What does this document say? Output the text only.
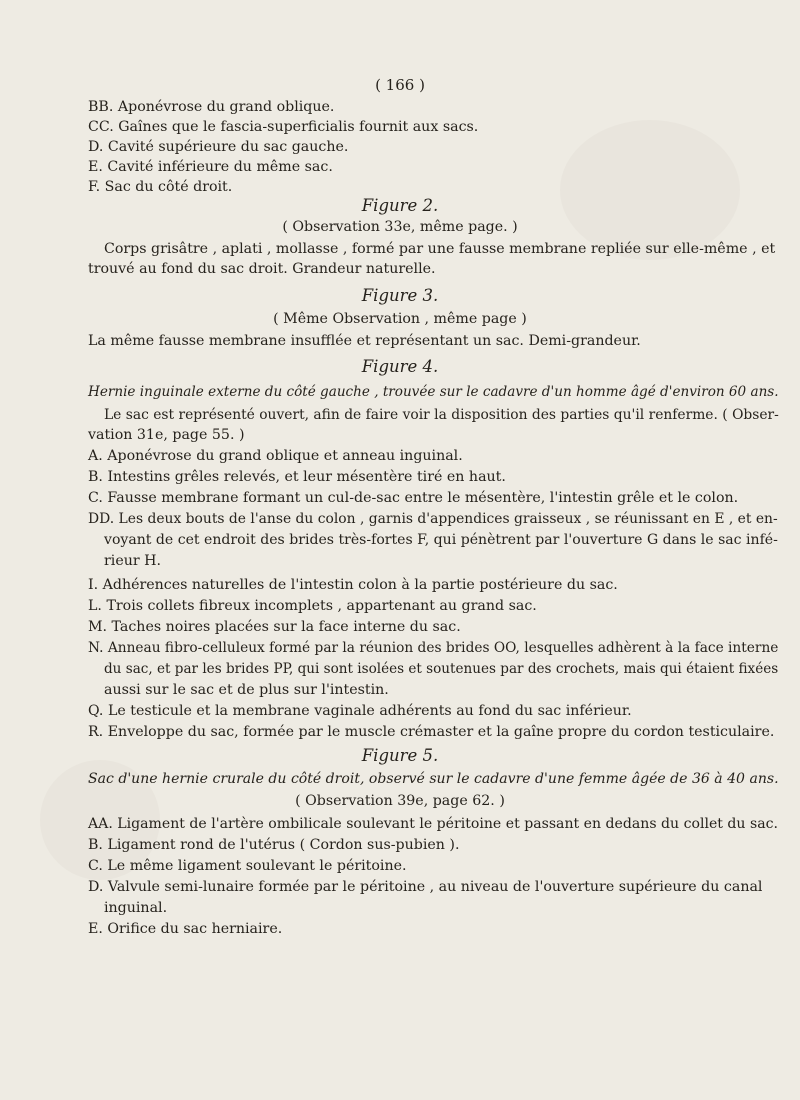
( 166 )
BB. Aponévrose du grand oblique.
CC. Gaînes que le fascia-superficialis fournit aux sacs.
D. Cavité supérieure du sac gauche.
E. Cavité inférieure du même sac.
F. Sac du côté droit.
Figure 2.
( Observation 33e, même page. )
Corps grisâtre , aplati , mollasse , formé par une fausse membrane repliée sur elle-même , et
trouvé au fond du sac droit. Grandeur naturelle.
Figure 3.
( Même Observation , même page )
La même fausse membrane insufflée et représentant un sac. Demi-grandeur.
Figure 4.
Hernie inguinale externe du côté gauche , trouvée sur le cadavre d'un homme âgé d'environ 60 ans.
Le sac est représenté ouvert, afin de faire voir la disposition des parties qu'il renferme. ( Obser-
vation 31e, page 55. )
A. Aponévrose du grand oblique et anneau inguinal.
B. Intestins grêles relevés, et leur mésentère tiré en haut.
C. Fausse membrane formant un cul-de-sac entre le mésentère, l'intestin grêle et le colon.
DD. Les deux bouts de l'anse du colon , garnis d'appendices graisseux , se réunissant en E , et en-
voyant de cet endroit des brides très-fortes F, qui pénètrent par l'ouverture G dans le sac infé-
rieur H.
I. Adhérences naturelles de l'intestin colon à la partie postérieure du sac.
L. Trois collets fibreux incomplets , appartenant au grand sac.
M. Taches noires placées sur la face interne du sac.
N. Anneau fibro-celluleux formé par la réunion des brides OO, lesquelles adhèrent à la face interne
du sac, et par les brides PP, qui sont isolées et soutenues par des crochets, mais qui étaient fixées
aussi sur le sac et de plus sur l'intestin.
Q. Le testicule et la membrane vaginale adhérents au fond du sac inférieur.
R. Enveloppe du sac, formée par le muscle crémaster et la gaîne propre du cordon testiculaire.
Figure 5.
Sac d'une hernie crurale du côté droit, observé sur le cadavre d'une femme âgée de 36 à 40 ans.
( Observation 39e, page 62. )
AA. Ligament de l'artère ombilicale soulevant le péritoine et passant en dedans du collet du sac.
B. Ligament rond de l'utérus ( Cordon sus-pubien ).
C. Le même ligament soulevant le péritoine.
D. Valvule semi-lunaire formée par le péritoine , au niveau de l'ouverture supérieure du canal
inguinal.
E. Orifice du sac herniaire.
